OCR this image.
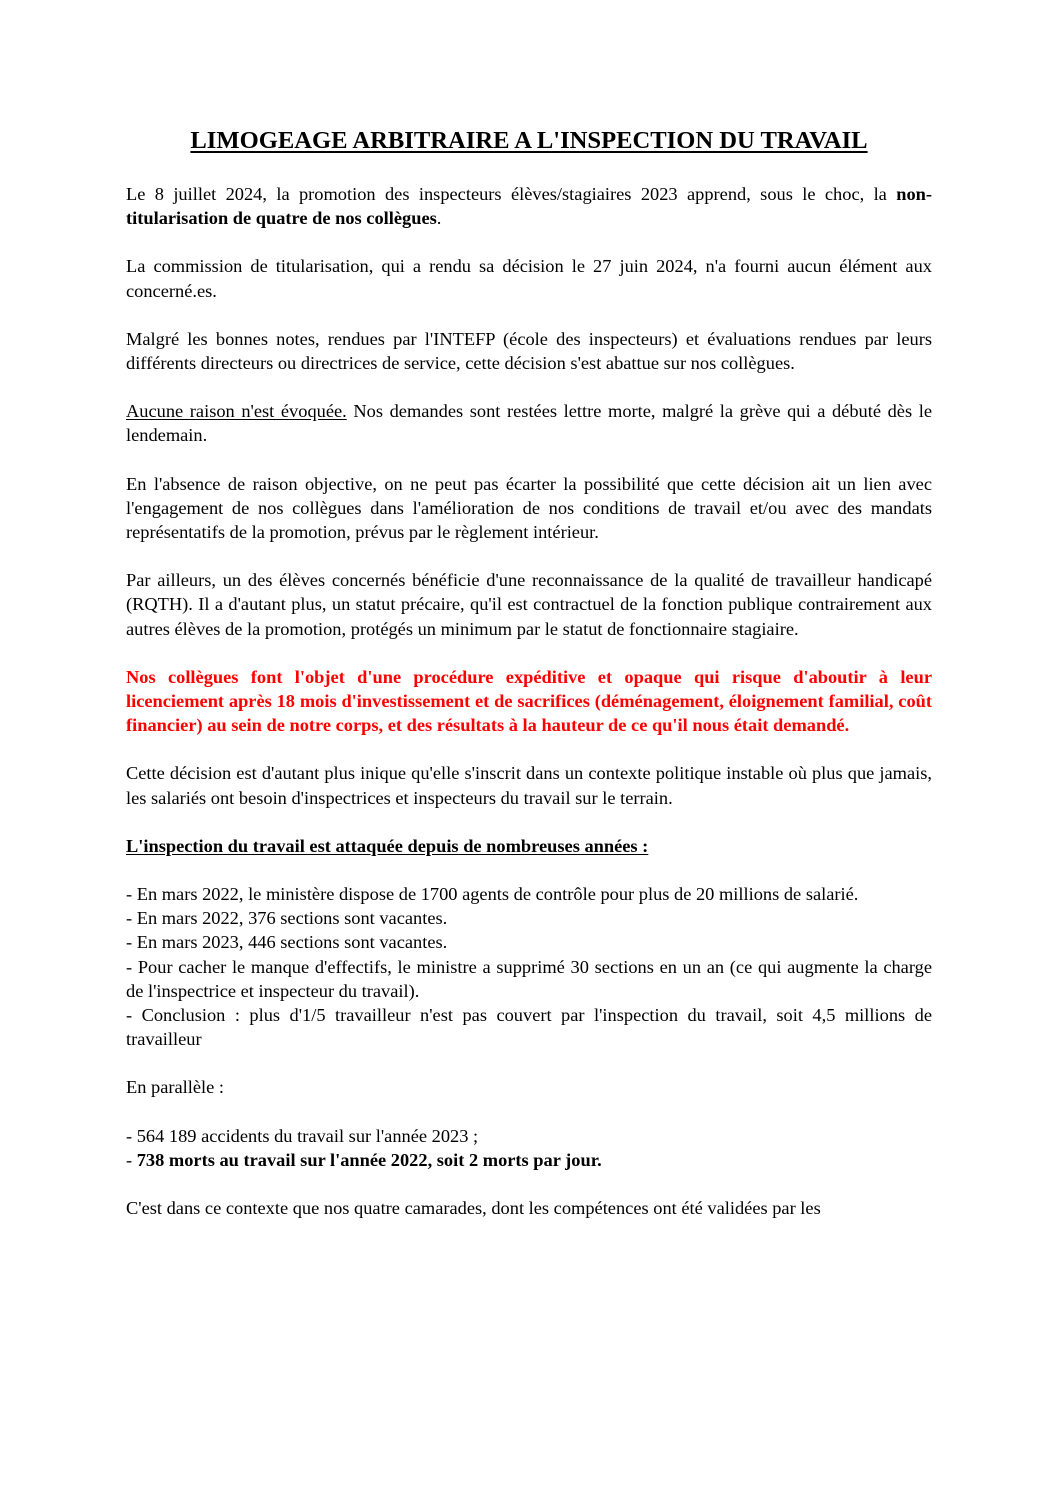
LIMOGEAGE ARBITRAIRE A L'INSPECTION DU TRAVAIL

Le 8 juillet 2024, la promotion des inspecteurs élèves/stagiaires 2023 apprend, sous le choc, la non-titularisation de quatre de nos collègues.

La commission de titularisation, qui a rendu sa décision le 27 juin 2024, n'a fourni aucun élément aux concerné.es.

Malgré les bonnes notes, rendues par l'INTEFP (école des inspecteurs) et évaluations rendues par leurs différents directeurs ou directrices de service, cette décision s'est abattue sur nos collègues.

Aucune raison n'est évoquée. Nos demandes sont restées lettre morte, malgré la grève qui a débuté dès le lendemain.

En l'absence de raison objective, on ne peut pas écarter la possibilité que cette décision ait un lien avec l'engagement de nos collègues dans l'amélioration de nos conditions de travail et/ou avec des mandats représentatifs de la promotion, prévus par le règlement intérieur.

Par ailleurs, un des élèves concernés bénéficie d'une reconnaissance de la qualité de travailleur handicapé (RQTH). Il a d'autant plus, un statut précaire, qu'il est contractuel de la fonction publique contrairement aux autres élèves de la promotion, protégés un minimum par le statut de fonctionnaire stagiaire.

Nos collègues font l'objet d'une procédure expéditive et opaque qui risque d'aboutir à leur licenciement après 18 mois d'investissement et de sacrifices (déménagement, éloignement familial, coût financier) au sein de notre corps, et des résultats à la hauteur de ce qu'il nous était demandé.

Cette décision est d'autant plus inique qu'elle s'inscrit dans un contexte politique instable où plus que jamais, les salariés ont besoin d'inspectrices et inspecteurs du travail sur le terrain.

L'inspection du travail est attaquée depuis de nombreuses années :

- En mars 2022, le ministère dispose de 1700 agents de contrôle pour plus de 20 millions de salarié.
- En mars 2022, 376 sections sont vacantes.
- En mars 2023, 446 sections sont vacantes.
- Pour cacher le manque d'effectifs, le ministre a supprimé 30 sections en un an (ce qui augmente la charge de l'inspectrice et inspecteur du travail).
- Conclusion : plus d'1/5 travailleur n'est pas couvert par l'inspection du travail, soit 4,5 millions de travailleur

En parallèle :

- 564 189 accidents du travail sur l'année 2023 ;
- 738 morts au travail sur l'année 2022, soit 2 morts par jour.

C'est dans ce contexte que nos quatre camarades, dont les compétences ont été validées par les
